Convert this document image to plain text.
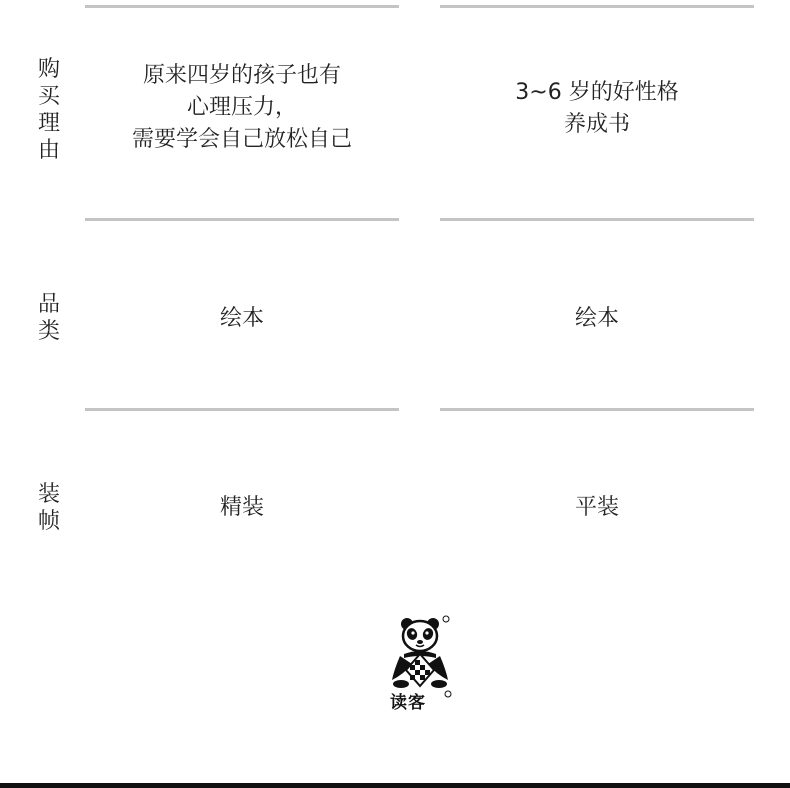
购买理由
原来四岁的孩子也有
心理压力，
需要学会自己放松自己
3~6 岁的好性格
养成书
品类
绘本	绘本
装帧
精装	平装
读客
